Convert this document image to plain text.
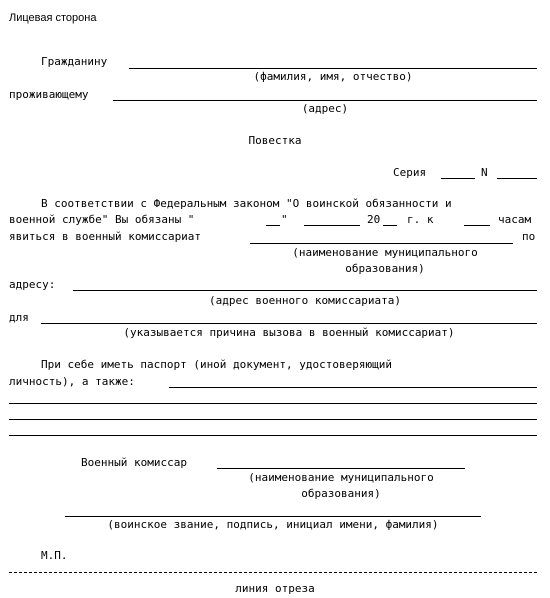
Лицевая сторона
Гражданину
(фамилия, имя, отчество)
проживающему
(адрес)
Повестка
Серия	N
В соответствии с Федеральным законом "О воинской обязанности и
военной службе" Вы обязаны "	"	20 г. к	часам
явиться в военный комиссариат	по
(наименование муниципального
образования)
адресу:
(адрес военного комиссариата)
для
(указывается причина вызова в военный комиссариат)
При себе иметь паспорт (иной документ, удостоверяющий
личность), а также:
Военный комиссар
(наименование муниципального
образования)
(воинское звание, подпись, инициал имени, фамилия)
М.П.
линия отреза
